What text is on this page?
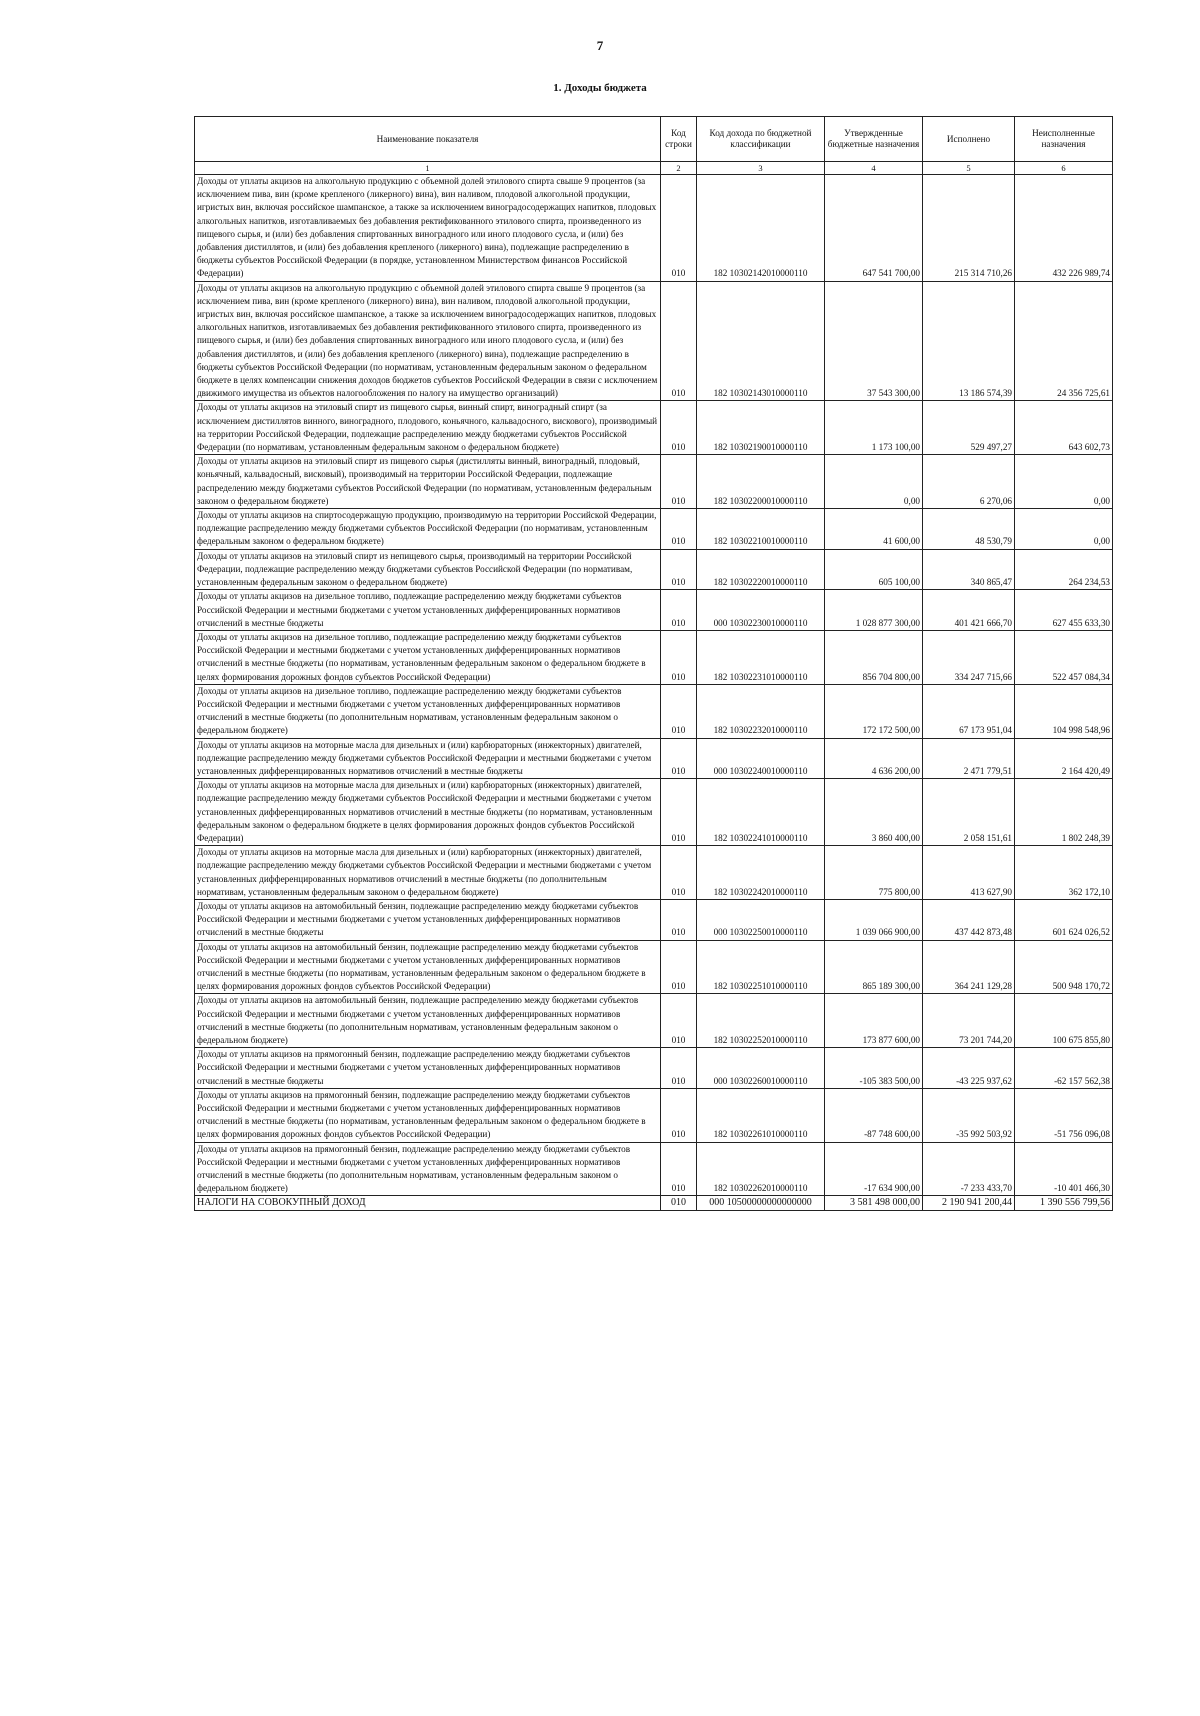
7
1. Доходы бюджета
Наименование показателя	Код строки	Код дохода по бюджетной классификации	Утвержденные бюджетные назначения	Исполнено	Неисполненные назначения
1	2	3	4	5	6
Доходы от уплаты акцизов на алкогольную продукцию с объемной долей этилового спирта свыше 9 процентов (за исключением пива, вин (кроме крепленого (ликерного) вина), вин наливом, плодовой алкогольной продукции, игристых вин, включая российское шампанское, а также за исключением виноградосодержащих напитков, плодовых алкогольных напитков, изготавливаемых без добавления ректификованного этилового спирта, произведенного из пищевого сырья, и (или) без добавления спиртованных виноградного или иного плодового сусла, и (или) без добавления дистиллятов, и (или) без добавления крепленого (ликерного) вина), подлежащие распределению в бюджеты субъектов Российской Федерации (в порядке, установленном Министерством финансов Российской Федерации)	010	182 10302142010000110	647 541 700,00	215 314 710,26	432 226 989,74
Доходы от уплаты акцизов на алкогольную продукцию с объемной долей этилового спирта свыше 9 процентов (за исключением пива, вин (кроме крепленого (ликерного) вина), вин наливом, плодовой алкогольной продукции, игристых вин, включая российское шампанское, а также за исключением виноградосодержащих напитков, плодовых алкогольных напитков, изготавливаемых без добавления ректификованного этилового спирта, произведенного из пищевого сырья, и (или) без добавления спиртованных виноградного или иного плодового сусла, и (или) без добавления дистиллятов, и (или) без добавления крепленого (ликерного) вина), подлежащие распределению в бюджеты субъектов Российской Федерации (по нормативам, установленным федеральным законом о федеральном бюджете в целях компенсации снижения доходов бюджетов субъектов Российской Федерации в связи с исключением движимого имущества из объектов налогообложения по налогу на имущество организаций)	010	182 10302143010000110	37 543 300,00	13 186 574,39	24 356 725,61
Доходы от уплаты акцизов на этиловый спирт из пищевого сырья, винный спирт, виноградный спирт (за исключением дистиллятов винного, виноградного, плодового, коньячного, кальвадосного, вискового), производимый на территории Российской Федерации, подлежащие распределению между бюджетами субъектов Российской Федерации (по нормативам, установленным федеральным законом о федеральном бюджете)	010	182 10302190010000110	1 173 100,00	529 497,27	643 602,73
Доходы от уплаты акцизов на этиловый спирт из пищевого сырья (дистилляты винный, виноградный, плодовый, коньячный, кальвадосный, висковый), производимый на территории Российской Федерации, подлежащие распределению между бюджетами субъектов Российской Федерации (по нормативам, установленным федеральным законом о федеральном бюджете)	010	182 10302200010000110	0,00	6 270,06	0,00
Доходы от уплаты акцизов на спиртосодержащую продукцию, производимую на территории Российской Федерации, подлежащие распределению между бюджетами субъектов Российской Федерации (по нормативам, установленным федеральным законом о федеральном бюджете)	010	182 10302210010000110	41 600,00	48 530,79	0,00
Доходы от уплаты акцизов на этиловый спирт из непищевого сырья, производимый на территории Российской Федерации, подлежащие распределению между бюджетами субъектов Российской Федерации (по нормативам, установленным федеральным законом о федеральном бюджете)	010	182 10302220010000110	605 100,00	340 865,47	264 234,53
Доходы от уплаты акцизов на дизельное топливо, подлежащие распределению между бюджетами субъектов Российской Федерации и местными бюджетами с учетом установленных дифференцированных нормативов отчислений в местные бюджеты	010	000 10302230010000110	1 028 877 300,00	401 421 666,70	627 455 633,30
Доходы от уплаты акцизов на дизельное топливо, подлежащие распределению между бюджетами субъектов Российской Федерации и местными бюджетами с учетом установленных дифференцированных нормативов отчислений в местные бюджеты (по нормативам, установленным федеральным законом о федеральном бюджете в целях формирования дорожных фондов субъектов Российской Федерации)	010	182 10302231010000110	856 704 800,00	334 247 715,66	522 457 084,34
Доходы от уплаты акцизов на дизельное топливо, подлежащие распределению между бюджетами субъектов Российской Федерации и местными бюджетами с учетом установленных дифференцированных нормативов отчислений в местные бюджеты (по дополнительным нормативам, установленным федеральным законом о федеральном бюджете)	010	182 10302232010000110	172 172 500,00	67 173 951,04	104 998 548,96
Доходы от уплаты акцизов на моторные масла для дизельных и (или) карбюраторных (инжекторных) двигателей, подлежащие распределению между бюджетами субъектов Российской Федерации и местными бюджетами с учетом установленных дифференцированных нормативов отчислений в местные бюджеты	010	000 10302240010000110	4 636 200,00	2 471 779,51	2 164 420,49
Доходы от уплаты акцизов на моторные масла для дизельных и (или) карбюраторных (инжекторных) двигателей, подлежащие распределению между бюджетами субъектов Российской Федерации и местными бюджетами с учетом установленных дифференцированных нормативов отчислений в местные бюджеты (по нормативам, установленным федеральным законом о федеральном бюджете в целях формирования дорожных фондов субъектов Российской Федерации)	010	182 10302241010000110	3 860 400,00	2 058 151,61	1 802 248,39
Доходы от уплаты акцизов на моторные масла для дизельных и (или) карбюраторных (инжекторных) двигателей, подлежащие распределению между бюджетами субъектов Российской Федерации и местными бюджетами с учетом установленных дифференцированных нормативов отчислений в местные бюджеты (по дополнительным нормативам, установленным федеральным законом о федеральном бюджете)	010	182 10302242010000110	775 800,00	413 627,90	362 172,10
Доходы от уплаты акцизов на автомобильный бензин, подлежащие распределению между бюджетами субъектов Российской Федерации и местными бюджетами с учетом установленных дифференцированных нормативов отчислений в местные бюджеты	010	000 10302250010000110	1 039 066 900,00	437 442 873,48	601 624 026,52
Доходы от уплаты акцизов на автомобильный бензин, подлежащие распределению между бюджетами субъектов Российской Федерации и местными бюджетами с учетом установленных дифференцированных нормативов отчислений в местные бюджеты (по нормативам, установленным федеральным законом о федеральном бюджете в целях формирования дорожных фондов субъектов Российской Федерации)	010	182 10302251010000110	865 189 300,00	364 241 129,28	500 948 170,72
Доходы от уплаты акцизов на автомобильный бензин, подлежащие распределению между бюджетами субъектов Российской Федерации и местными бюджетами с учетом установленных дифференцированных нормативов отчислений в местные бюджеты (по дополнительным нормативам, установленным федеральным законом о федеральном бюджете)	010	182 10302252010000110	173 877 600,00	73 201 744,20	100 675 855,80
Доходы от уплаты акцизов на прямогонный бензин, подлежащие распределению между бюджетами субъектов Российской Федерации и местными бюджетами с учетом установленных дифференцированных нормативов отчислений в местные бюджеты	010	000 10302260010000110	-105 383 500,00	-43 225 937,62	-62 157 562,38
Доходы от уплаты акцизов на прямогонный бензин, подлежащие распределению между бюджетами субъектов Российской Федерации и местными бюджетами с учетом установленных дифференцированных нормативов отчислений в местные бюджеты (по нормативам, установленным федеральным законом о федеральном бюджете в целях формирования дорожных фондов субъектов Российской Федерации)	010	182 10302261010000110	-87 748 600,00	-35 992 503,92	-51 756 096,08
Доходы от уплаты акцизов на прямогонный бензин, подлежащие распределению между бюджетами субъектов Российской Федерации и местными бюджетами с учетом установленных дифференцированных нормативов отчислений в местные бюджеты (по дополнительным нормативам, установленным федеральным законом о федеральном бюджете)	010	182 10302262010000110	-17 634 900,00	-7 233 433,70	-10 401 466,30
НАЛОГИ НА СОВОКУПНЫЙ ДОХОД	010	000 10500000000000000	3 581 498 000,00	2 190 941 200,44	1 390 556 799,56
